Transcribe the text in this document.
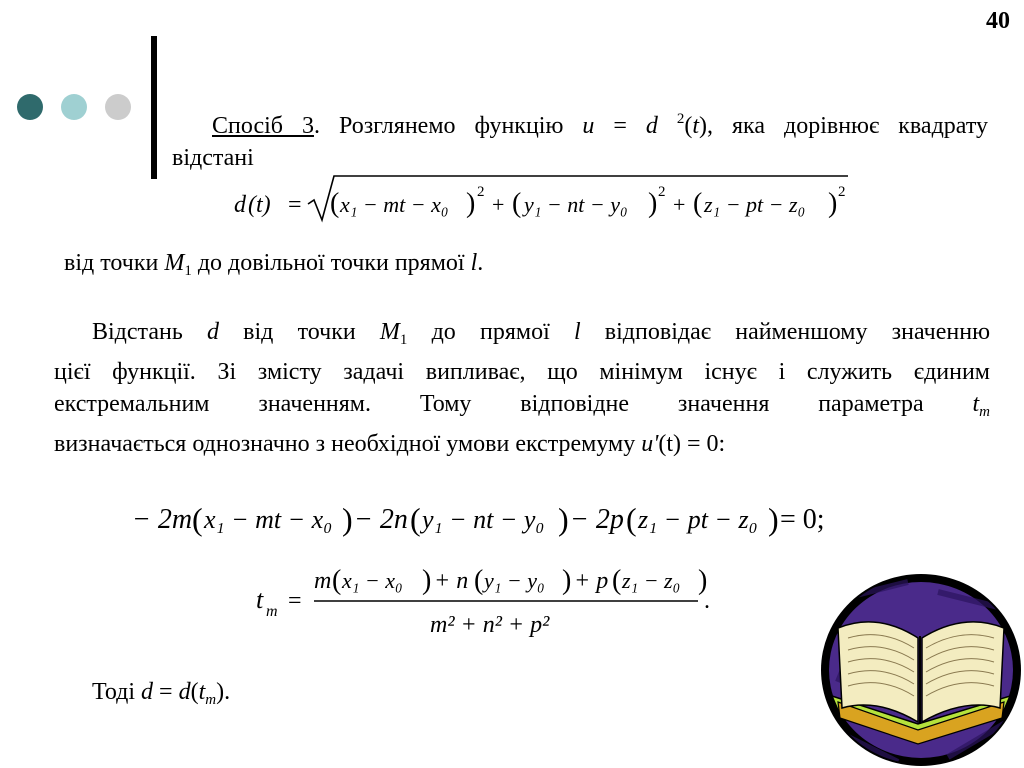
40
Спосіб 3. Розглянемо функцію u = d $^2$(t), яка дорівнює квадрату
відстані
d (t) = ( x₁ − mt − x₀ ) 2 + ( y₁ − nt − y₀ ) 2 + ( z₁ − pt − z₀ ) 2
від точки $M_1$ до довільної точки прямої l.
Відстань d від точки $M_1$ до прямої l відповідає найменшому значенню
цієї функції. Зі змісту задачі випливає, що мінімум існує і служить єдиним
екстремальним значенням. Тому відповідне значення параметра $t_m$
визначається однозначно з необхідної умови екстремуму u'(t) = 0:
− 2m ( x₁ − mt − x₀ ) − 2n ( y₁ − nt − y₀ ) − 2p ( z₁ − pt − z₀ ) = 0;
t m =
m ( x₁ − x₀ ) + n ( y₁ − y₀ ) + p ( z₁ − z₀ )
.
m² + n² + p²
Тоді $d = d(t_m)$.
